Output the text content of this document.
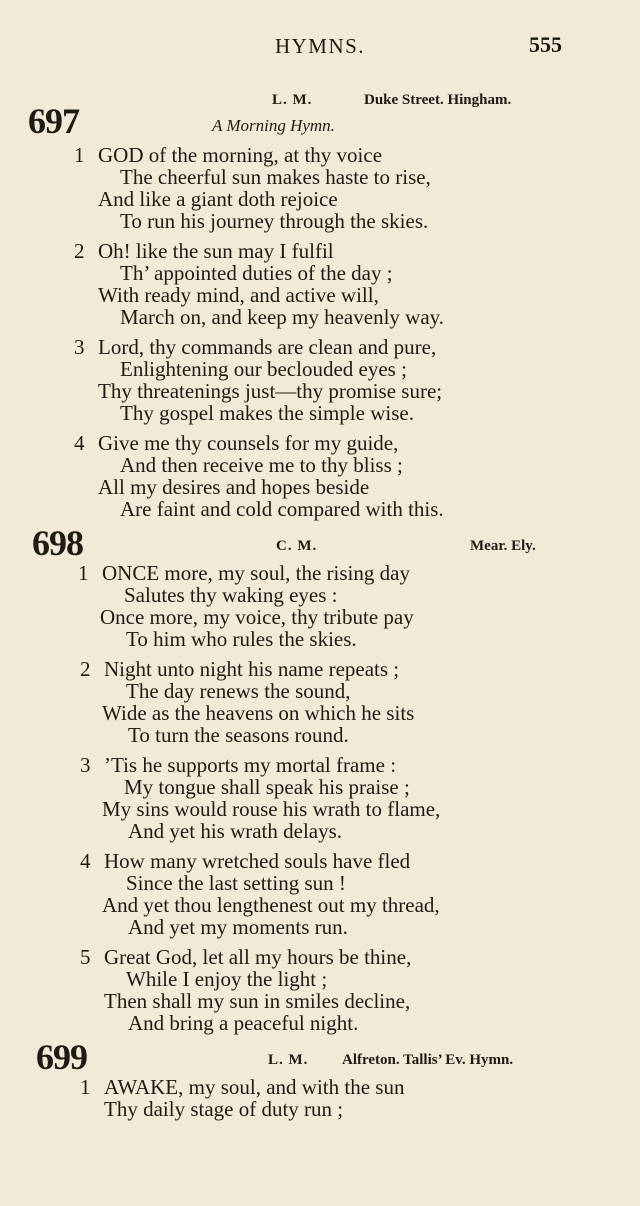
HYMNS.	555
697
L. M.	Duke Street. Hingham.
A Morning Hymn.
1 GOD of the morning, at thy voice
The cheerful sun makes haste to rise,
And like a giant doth rejoice
To run his journey through the skies.
2 Oh! like the sun may I fulfil
Th’ appointed duties of the day ;
With ready mind, and active will,
March on, and keep my heavenly way.
3 Lord, thy commands are clean and pure,
Enlightening our beclouded eyes ;
Thy threatenings just—thy promise sure;
Thy gospel makes the simple wise.
4 Give me thy counsels for my guide,
And then receive me to thy bliss ;
All my desires and hopes beside
Are faint and cold compared with this.
698	C. M.	Mear. Ely.
1 ONCE more, my soul, the rising day
Salutes thy waking eyes :
Once more, my voice, thy tribute pay
To him who rules the skies.
2 Night unto night his name repeats ;
The day renews the sound,
Wide as the heavens on which he sits
To turn the seasons round.
3 ’Tis he supports my mortal frame :
My tongue shall speak his praise ;
My sins would rouse his wrath to flame,
And yet his wrath delays.
4 How many wretched souls have fled
Since the last setting sun !
And yet thou lengthenest out my thread,
And yet my moments run.
5 Great God, let all my hours be thine,
While I enjoy the light ;
Then shall my sun in smiles decline,
And bring a peaceful night.
699	L. M. Alfreton. Tallis’ Ev. Hymn.
1 AWAKE, my soul, and with the sun
Thy daily stage of duty run ;
